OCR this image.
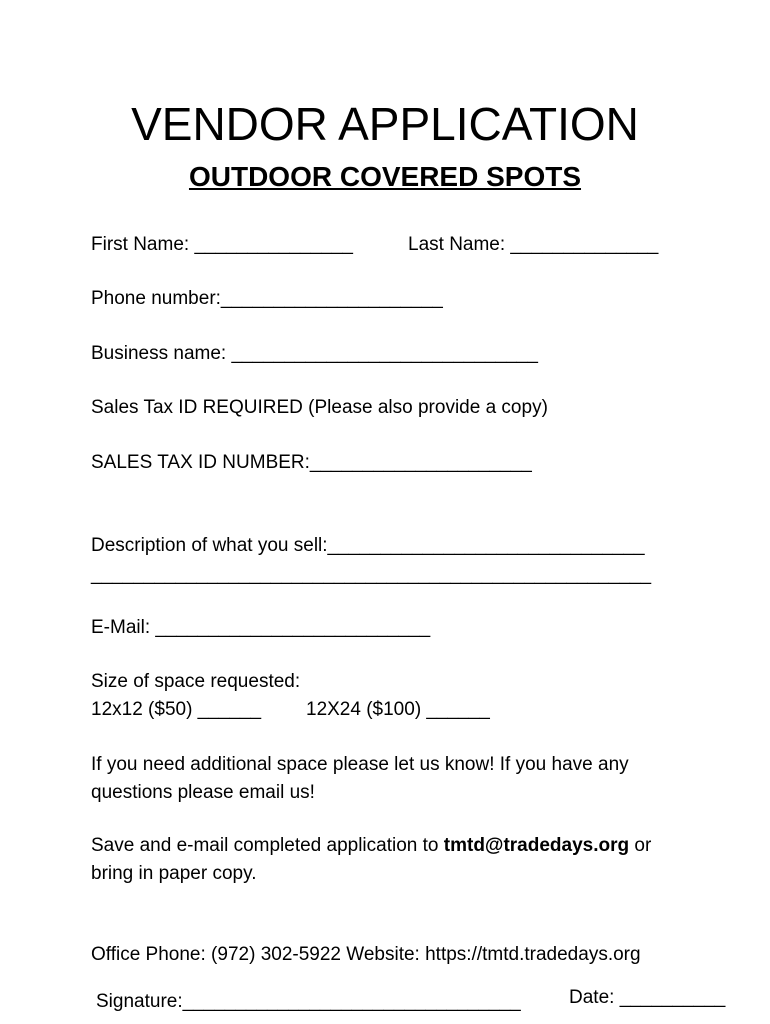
VENDOR APPLICATION
OUTDOOR COVERED SPOTS
First Name: _______________	Last Name: ______________
Phone number:_____________________
Business name: _____________________________
Sales Tax ID REQUIRED (Please also provide a copy)
SALES TAX ID NUMBER:_____________________
Description of what you sell:______________________________
_____________________________________________________
E-Mail: __________________________
Size of space requested:
12x12 ($50) ______ 12X24 ($100) ______
If you need additional space please let us know! If you have any questions please email us!
Save and e-mail completed application to tmtd@tradedays.org or bring in paper copy.
Office Phone: (972) 302-5922 Website: https://tmtd.tradedays.org
Signature:________________________________	Date: __________
